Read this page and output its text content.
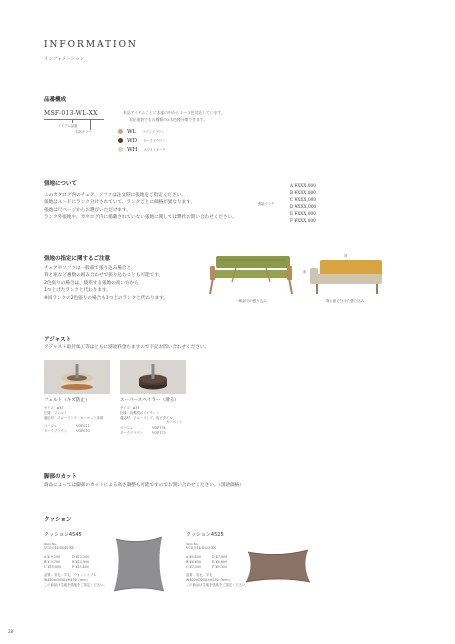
INFORMATION
インフォメーション
品番構成
MSF-013-WL-XX
アイテム品番
木部カラー
本品アイテムごとに木部の中から１～３色対応しています。
対応塗装でもの種類の2木色種分類できます。
WL ライトブラウン
WD ダークブラウン
WH ホワイトオーク
張地について
このカタログ内のチェア、ソファは注文時に張地をご指定ください。
張地はＡ～Ｆにランク分けされていて、ランクごとに価格が異なります。
張地は尺ページからお選びいただけます。
ランク外張地や、カタログ内に掲載されていない張地に関しては弊社お問い合わせください。
張地ランク
A ¥XXX,000
B ¥XXX,000
C ¥XXX,000
D ¥XXX,000
E ¥XXX,000
F ¥XXX,000
張地の指定に関するご注意
チェアやソファは一般部で張り込み場合と、
背と座など複数の組み合わせで張り込むことも可能です。
2色張りの場合は、使用する張地の高い方から
1つ上げたランクと代わります。
※同ランクの2色張りの場合も1つ上のランクと代わります。
一般部での張り込み
背
座
背と座で分けた張り込み
アジャスト
アジャスト取付加工等はともに別途料金ちますので下記お問い合わせください。
フェルト（キズ防止）
サイズ：φ33
仕様：フェルト
適応材：フローリング・カーペット床面
ベージュ	VOP011
ダークブラウン	VOP010
スーパースベイラー（滑る）
サイズ：φ33
仕様：高潤滑ポリエチレン
適応材：フローリング、塩ビタイル、
カーペット
ベージュ	VOP176
ダークブラウン	VOP175
脚部のカット
商品によっては脚部のカットによる高さ調整も可能ですのでお問い合わせください。（別途価格）
クッション
クッション4545
Item No.
VCS-014-4545-XX
A ¥ 9,200	D ¥12,200
B ¥ 9,700	E ¥13,900
C ¥10,800	F ¥15,400
品質：羽毛／羊毛　ウォッシャブル
W450×D450×H450（mm）
この商品は生地を張地をご指定ください。
クッション4525
Item No.
VCS-014-4525-XX
A ¥6,400	D ¥7,800
B ¥6,600	E ¥8,800
C ¥7,300	F ¥9,300
品質：羽毛／羊毛
W400×D250×H250（mm）
この商品は生地を張地をご指定ください。
28
